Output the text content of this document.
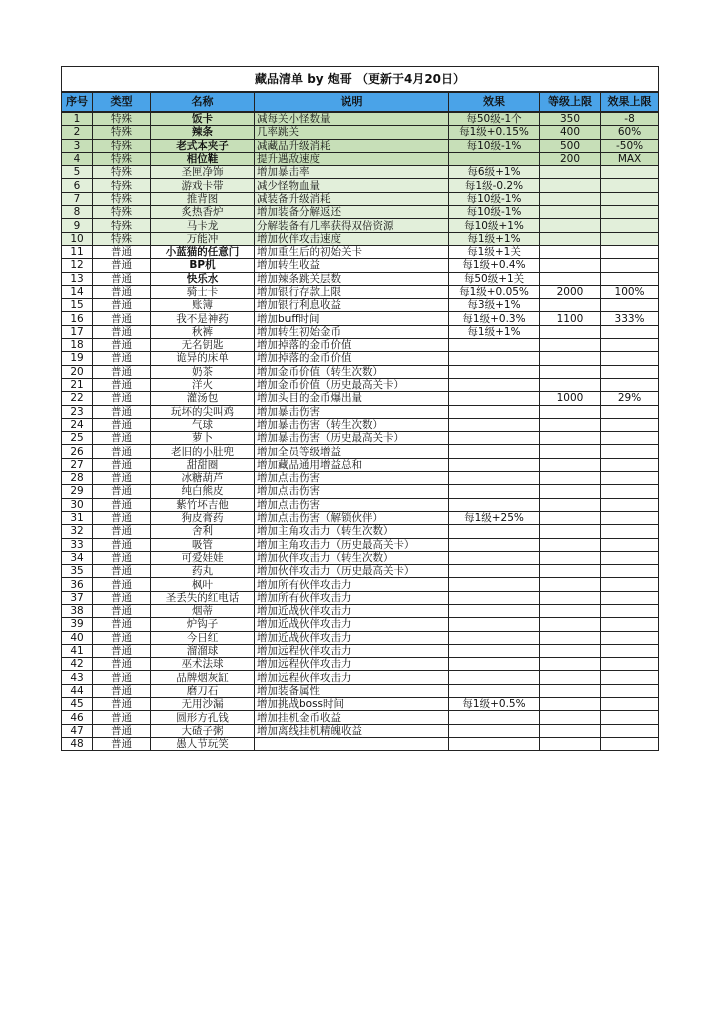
藏品清单 by 炮哥 （更新于4月20日）						
序号	类型	名称	说明	效果	等级上限	效果上限
1	特殊	饭卡	减每关小怪数量	每50级-1个	350	-8
2	特殊	辣条	几率跳关	每1级+0.15%	400	60%
3	特殊	老式本夹子	减藏品升级消耗	每10级-1%	500	-50%
4	特殊	相位鞋	提升遇敌速度		200	MAX
5	特殊	圣匣净饰	增加暴击率	每6级+1%		
6	特殊	游戏卡带	减少怪物血量	每1级-0.2%		
7	特殊	推背图	减装备升级消耗	每10级-1%		
8	特殊	炙热香炉	增加装备分解返还	每10级-1%		
9	特殊	马卡龙	分解装备有几率获得双倍资源	每10级+1%		
10	特殊	万能冲	增加伙伴攻击速度	每1级+1%		
11	普通	小蓝猫的任意门	增加重生后的初始关卡	每1级+1关		
12	普通	BP机	增加转生收益	每1级+0.4%		
13	普通	快乐水	增加辣条跳关层数	每50级+1关		
14	普通	骑士卡	增加银行存款上限	每1级+0.05%	2000	100%
15	普通	账簿	增加银行利息收益	每3级+1%		
16	普通	我不是神药	增加buff时间	每1级+0.3%	1100	333%
17	普通	秋裤	增加转生初始金币	每1级+1%		
18	普通	无名钥匙	增加掉落的金币价值			
19	普通	诡异的床单	增加掉落的金币价值			
20	普通	奶茶	增加金币价值（转生次数）			
21	普通	洋火	增加金币价值（历史最高关卡）			
22	普通	灌汤包	增加头目的金币爆出量		1000	29%
23	普通	玩坏的尖叫鸡	增加暴击伤害			
24	普通	气球	增加暴击伤害（转生次数）			
25	普通	萝卜	增加暴击伤害（历史最高关卡）			
26	普通	老旧的小肚兜	增加全员等级增益			
27	普通	甜甜圈	增加藏品通用增益总和			
28	普通	冰糖葫芦	增加点击伤害			
29	普通	纯白熊皮	增加点击伤害			
30	普通	紫竹坏吉他	增加点击伤害			
31	普通	狗皮膏药	增加点击伤害（解锁伙伴）	每1级+25%		
32	普通	舍利	增加主角攻击力（转生次数）			
33	普通	吸管	增加主角攻击力（历史最高关卡）			
34	普通	可爱娃娃	增加伙伴攻击力（转生次数）			
35	普通	药丸	增加伙伴攻击力（历史最高关卡）			
36	普通	枫叶	增加所有伙伴攻击力			
37	普通	圣丢失的红电话	增加所有伙伴攻击力			
38	普通	烟蒂	增加近战伙伴攻击力			
39	普通	炉钩子	增加近战伙伴攻击力			
40	普通	今日红	增加近战伙伴攻击力			
41	普通	溜溜球	增加远程伙伴攻击力			
42	普通	巫术法球	增加远程伙伴攻击力			
43	普通	品牌烟灰缸	增加远程伙伴攻击力			
44	普通	磨刀石	增加装备属性			
45	普通	无用沙漏	增加挑战boss时间	每1级+0.5%		
46	普通	圆形方孔钱	增加挂机金币收益			
47	普通	大碴子粥	增加离线挂机精魄收益			
48	普通	愚人节玩笑				
